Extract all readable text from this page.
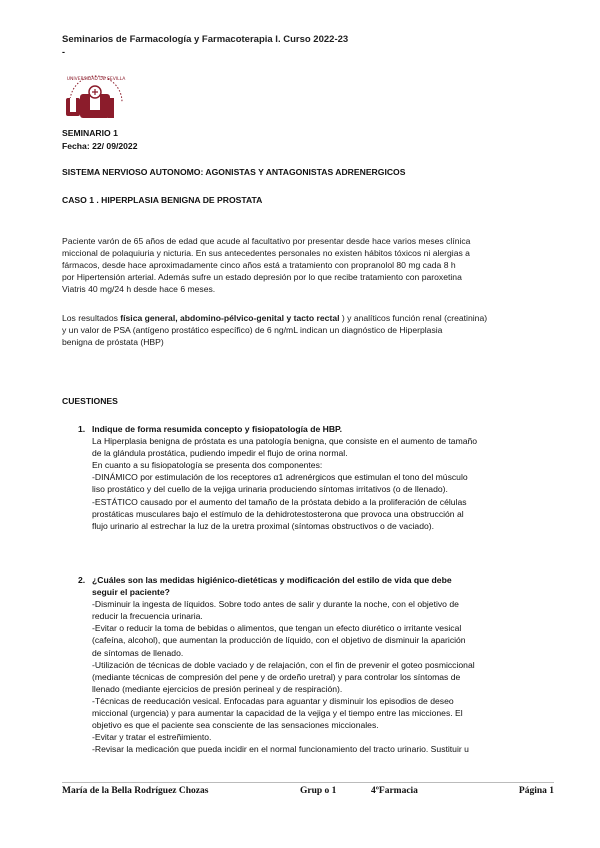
Seminarios de Farmacología y Farmacoterapia I. Curso 2022-23
-
UNIVERSIDAD DE SEVILLA
SEMINARIO 1
Fecha: 22/ 09/2022
SISTEMA NERVIOSO AUTONOMO: AGONISTAS Y ANTAGONISTAS ADRENERGICOS
CASO 1 . HIPERPLASIA BENIGNA DE PROSTATA
Paciente varón de 65 años de edad que acude al facultativo por presentar desde hace varios meses clínica
miccional de polaquiuria y nicturia. En sus antecedentes personales no existen hábitos tóxicos ni alergias a
fármacos, desde hace aproximadamente cinco años está a tratamiento con propranolol 80 mg cada 8 h
por Hipertensión arterial. Además sufre un estado depresión por lo que recibe tratamiento con paroxetina
Viatris 40 mg/24 h desde hace 6 meses.
Los resultados física general, abdomino-pélvico-genital y tacto rectal ) y analíticos función renal (creatinina)
y un valor de PSA (antígeno prostático específico) de 6 ng/mL indican un diagnóstico de Hiperplasia
benigna de próstata (HBP)
CUESTIONES
1. Indique de forma resumida concepto y fisiopatología de HBP.
La Hiperplasia benigna de próstata es una patología benigna, que consiste en el aumento de tamaño
de la glándula prostática, pudiendo impedir el flujo de orina normal.
En cuanto a su fisiopatología se presenta dos componentes:
-DINÁMICO por estimulación de los receptores α1 adrenérgicos que estimulan el tono del músculo
liso prostático y del cuello de la vejiga urinaria produciendo síntomas irritativos (o de llenado).
-ESTÁTICO causado por el aumento del tamaño de la próstata debido a la proliferación de células
prostáticas musculares bajo el estímulo de la dehidrotestosterona que provoca una obstrucción al
flujo urinario al estrechar la luz de la uretra proximal (síntomas obstructivos o de vaciado).
2. ¿Cuáles son las medidas higiénico-dietéticas y modificación del estilo de vida que debe
seguir el paciente?
-Disminuir la ingesta de líquidos. Sobre todo antes de salir y durante la noche, con el objetivo de
reducir la frecuencia urinaria.
-Evitar o reducir la toma de bebidas o alimentos, que tengan un efecto diurético o irritante vesical
(cafeína, alcohol), que aumentan la producción de líquido, con el objetivo de disminuir la aparición
de síntomas de llenado.
-Utilización de técnicas de doble vaciado y de relajación, con el fin de prevenir el goteo posmiccional
(mediante técnicas de compresión del pene y de ordeño uretral) y para controlar los síntomas de
llenado (mediante ejercicios de presión perineal y de respiración).
-Técnicas de reeducación vesical. Enfocadas para aguantar y disminuir los episodios de deseo
miccional (urgencia) y para aumentar la capacidad de la vejiga y el tiempo entre las micciones. El
objetivo es que el paciente sea consciente de las sensaciones miccionales.
-Evitar y tratar el estreñimiento.
-Revisar la medicación que pueda incidir en el normal funcionamiento del tracto urinario. Sustituir u
María de la Bella Rodríguez Chozas	Grup o 1	4ºFarmacia	Página 1
